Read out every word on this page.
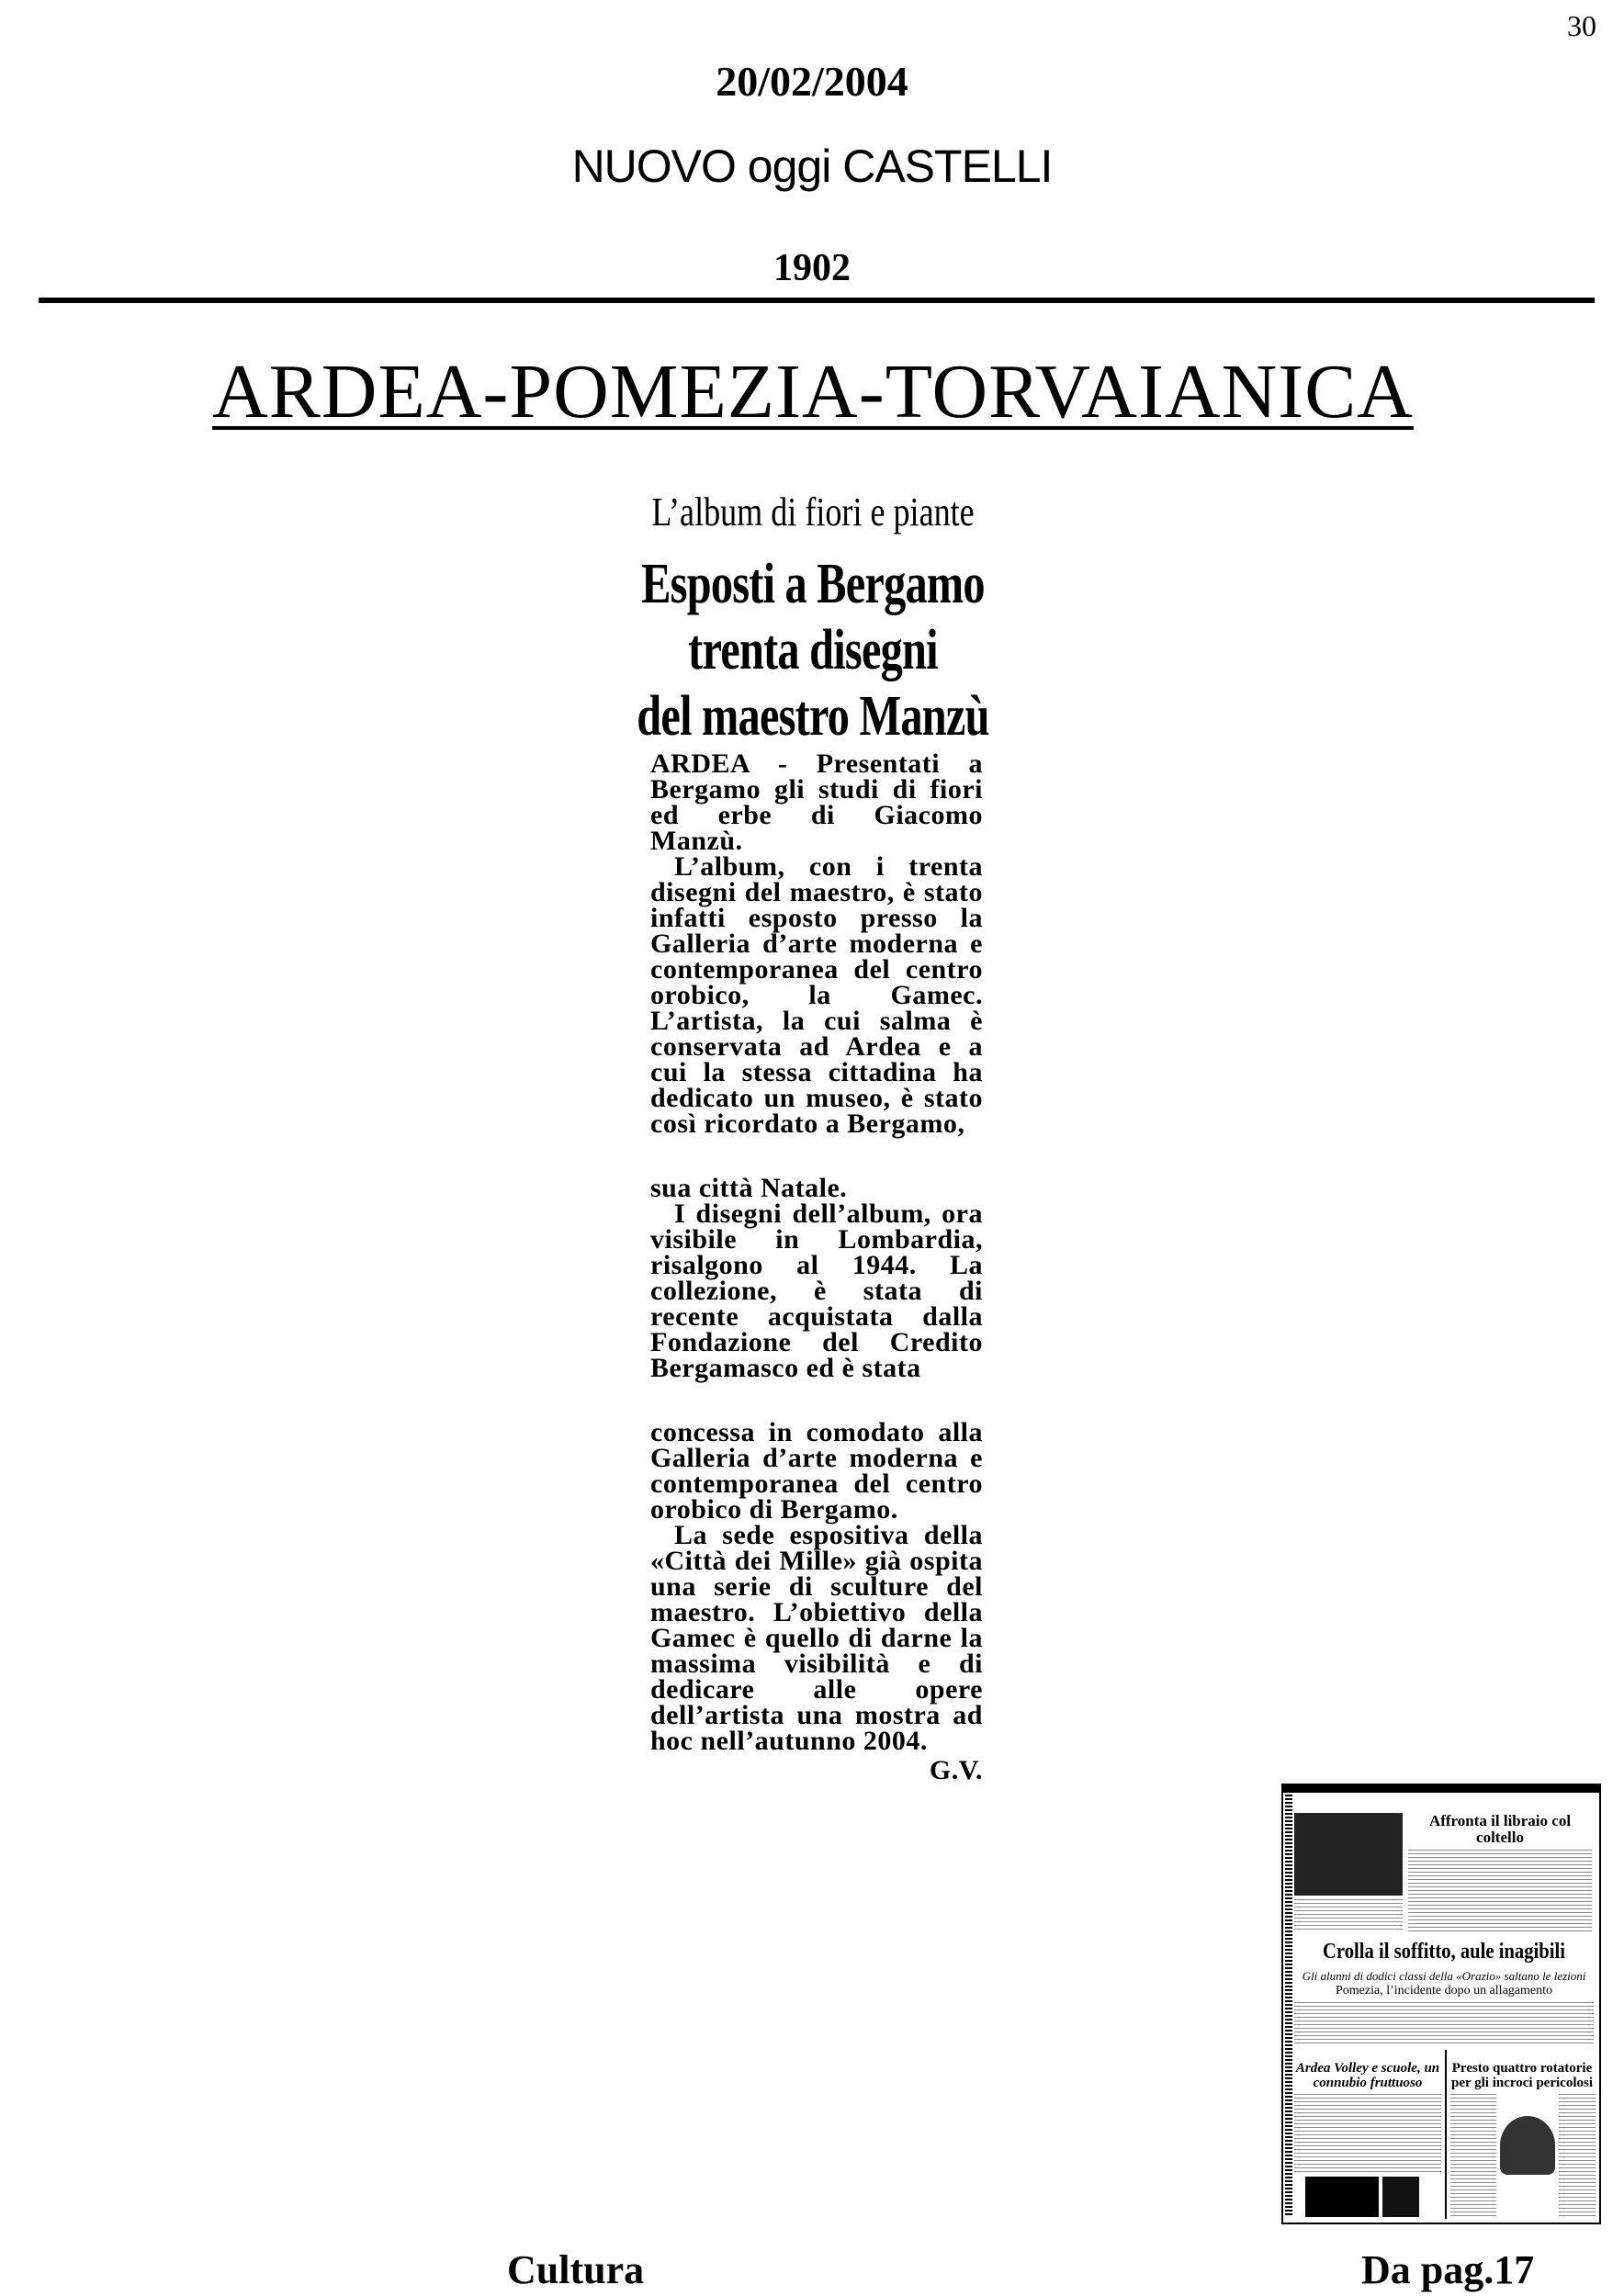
30
20/02/2004
NUOVO oggi CASTELLI
1902
ARDEA-POMEZIA-TORVAIANICA
L’album di fiori e piante
Esposti a Bergamo
trenta disegni
del maestro Manzù

ARDEA - Presentati a Bergamo gli studi di fiori ed erbe di Giacomo Manzù.

L’album, con i trenta disegni del maestro, è stato infatti esposto presso la Galleria d’arte moderna e contemporanea del centro orobico, la Gamec. L’artista, la cui salma è conservata ad Ardea e a cui la stessa cittadina ha dedicato un museo, è stato così ricordato a Bergamo,

sua città Natale.

I disegni dell’album, ora visibile in Lombardia, risalgono al 1944. La collezione, è stata di recente acquistata dalla Fondazione del Credito Bergamasco ed è stata

concessa in comodato alla Galleria d’arte moderna e contemporanea del centro orobico di Bergamo.

La sede espositiva della «Città dei Mille» già ospita una serie di sculture del maestro. L’obiettivo della Gamec è quello di darne la massima visibilità e di dedicare alle opere dell’artista una mostra ad hoc nell’autunno 2004.

G.V.
Affronta il libraio col coltello
Crolla il soffitto, aule inagibili
Gli alunni di dodici classi della «Orazio» saltano le lezioni
Pomezia, l’incidente dopo un allagamento
Ardea Volley e scuole, un connubio fruttuoso
Presto quattro rotatorie per gli incroci pericolosi
Cultura	Da pag.17
